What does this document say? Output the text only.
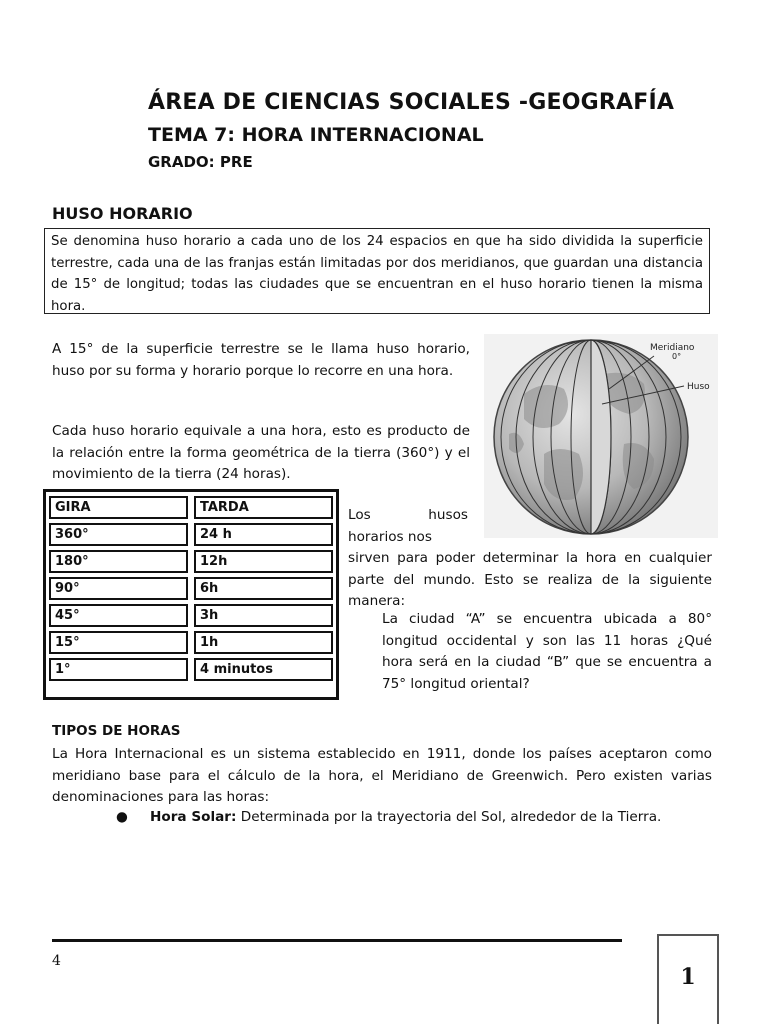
ÁREA DE CIENCIAS SOCIALES -GEOGRAFÍA
TEMA 7: HORA INTERNACIONAL
GRADO: PRE
HUSO HORARIO
Se denomina huso horario a cada uno de los 24 espacios en que ha sido dividida la superficie terrestre, cada una de las franjas están limitadas por dos meridianos, que guardan una distancia de 15° de longitud; todas las ciudades que se encuentran en el huso horario tienen la misma hora.
A 15° de la superficie terrestre se le llama huso horario, huso por su forma y horario porque lo recorre en una hora.
Cada huso horario equivale a una hora, esto es producto de la relación entre la forma geométrica de la tierra (360°) y el movimiento de la tierra (24 horas).
Meridiano
0°
Huso
GIRA	TARDA
360°	24 h
180°	12h
90°	6h
45°	3h
15°	1h
1°	4 minutos
Los husos horarios nos
sirven para poder determinar la hora en cualquier parte del mundo. Esto se realiza de la siguiente manera:
La ciudad “A” se encuentra ubicada a 80° longitud occidental y son las 11 horas ¿Qué hora será en la ciudad “B” que se encuentra a 75° longitud oriental?
TIPOS DE HORAS
La Hora Internacional es un sistema establecido en 1911, donde los países aceptaron como meridiano base para el cálculo de la hora, el Meridiano de Greenwich. Pero existen varias denominaciones para las horas:
● Hora Solar: Determinada por la trayectoria del Sol, alrededor de la Tierra.
4
1
